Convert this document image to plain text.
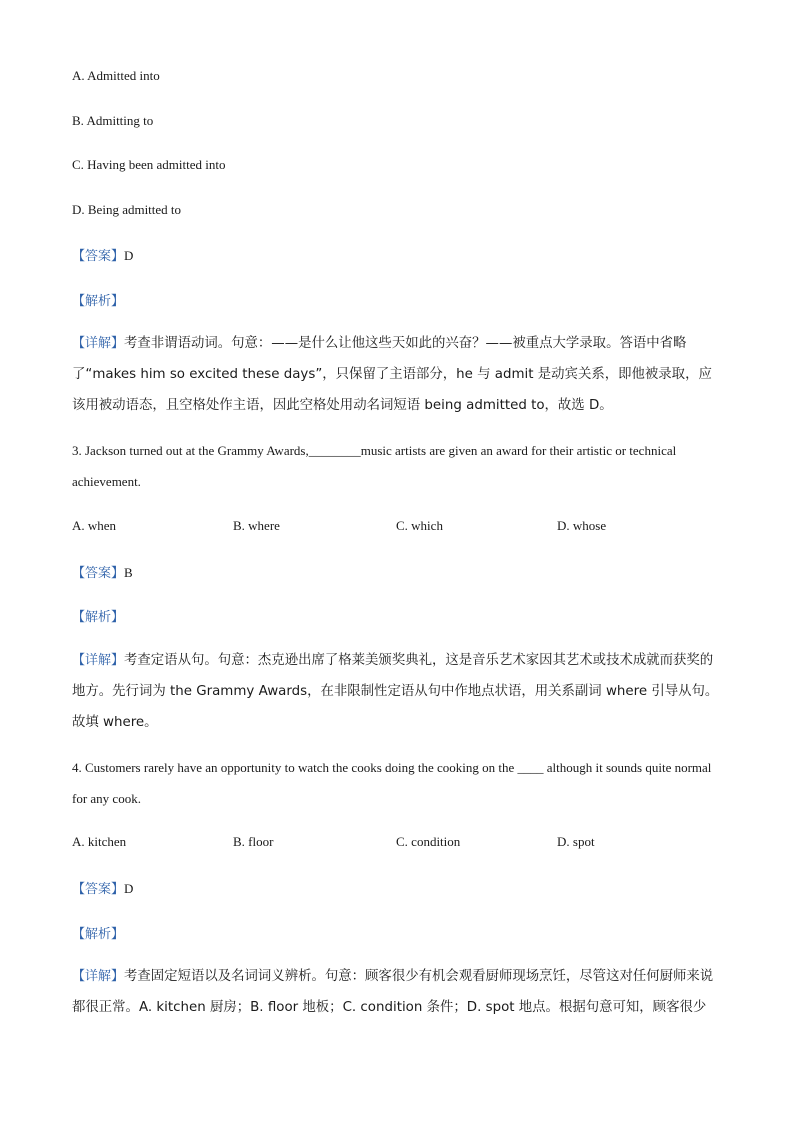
A. Admitted into
B. Admitting to
C. Having been admitted into
D. Being admitted to
【答案】D
【解析】
【详解】考查非谓语动词。句意：——是什么让他这些天如此的兴奋？——被重点大学录取。答语中省略了“makes him so excited these days”，只保留了主语部分，he 与 admit 是动宾关系，即他被录取，应该用被动语态，且空格处作主语，因此空格处用动名词短语 being admitted to，故选 D。
3. Jackson turned out at the Grammy Awards,________music artists are given an award for their artistic or technical achievement.
A. when	B. where	C. which	D. whose
【答案】B
【解析】
【详解】考查定语从句。句意：杰克逊出席了格莱美颁奖典礼，这是音乐艺术家因其艺术或技术成就而获奖的地方。先行词为 the Grammy Awards，在非限制性定语从句中作地点状语，用关系副词 where 引导从句。故填 where。
4. Customers rarely have an opportunity to watch the cooks doing the cooking on the ____ although it sounds quite normal for any cook.
A. kitchen	B. floor	C. condition	D. spot
【答案】D
【解析】
【详解】考查固定短语以及名词词义辨析。句意：顾客很少有机会观看厨师现场烹饪，尽管这对任何厨师来说都很正常。A. kitchen 厨房；B. floor 地板；C. condition 条件；D. spot 地点。根据句意可知，顾客很少
